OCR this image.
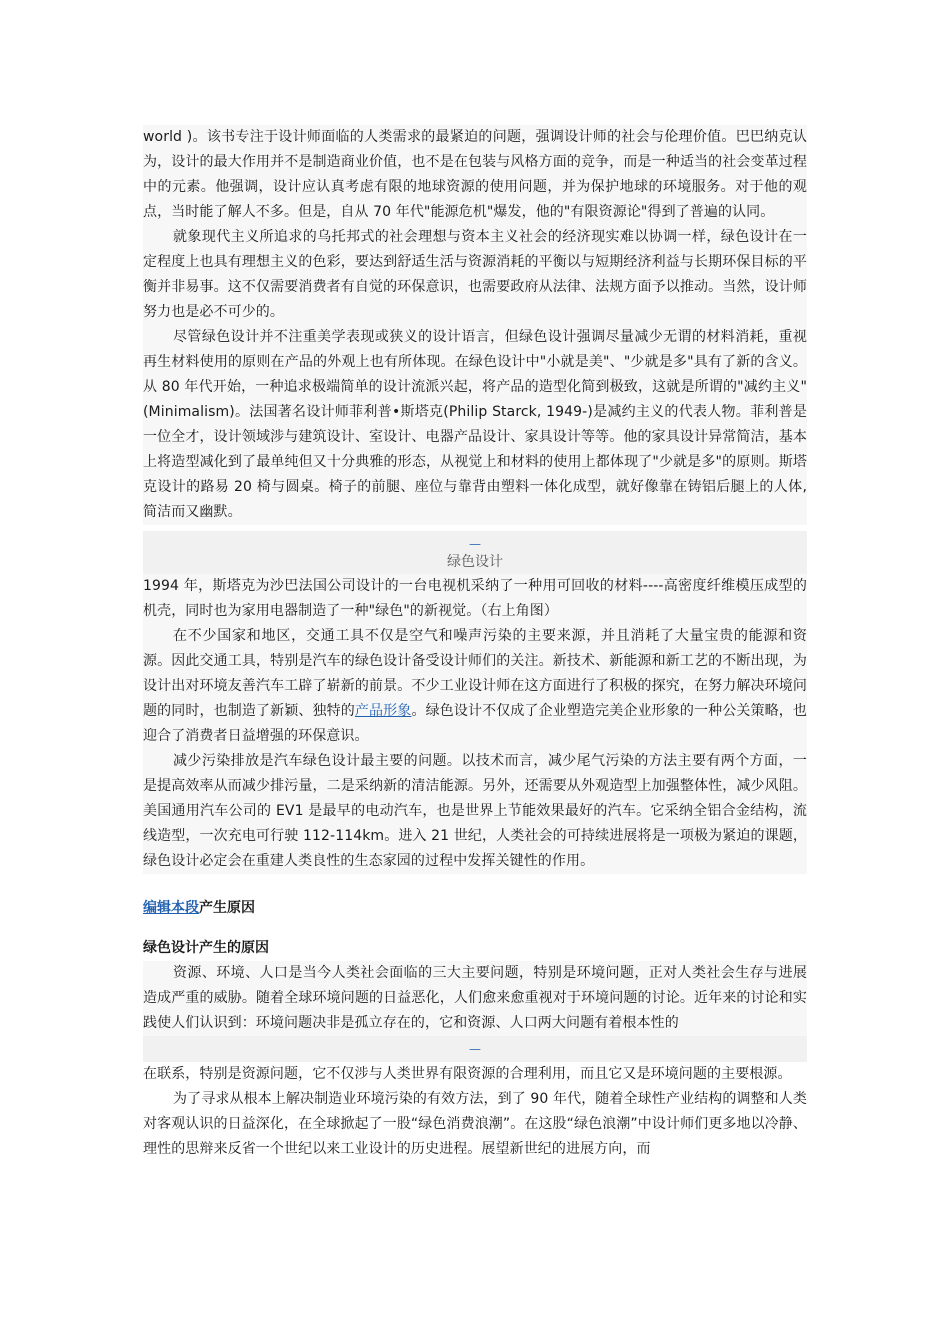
world )。该书专注于设计师面临的人类需求的最紧迫的问题，强调设计师的社会与伦理价值。巴巴纳克认为，设计的最大作用并不是制造商业价值，也不是在包装与风格方面的竞争，而是一种适当的社会变革过程中的元素。他强调，设计应认真考虑有限的地球资源的使用问题，并为保护地球的环境服务。对于他的观点，当时能了解人不多。但是，自从 70 年代"能源危机"爆发，他的"有限资源论"得到了普遍的认同。

就象现代主义所追求的乌托邦式的社会理想与资本主义社会的经济现实难以协调一样，绿色设计在一定程度上也具有理想主义的色彩，要达到舒适生活与资源消耗的平衡以与短期经济利益与长期环保目标的平衡并非易事。这不仅需要消费者有自觉的环保意识，也需要政府从法律、法规方面予以推动。当然，设计师努力也是必不可少的。

尽管绿色设计并不注重美学表现或狭义的设计语言，但绿色设计强调尽量减少无谓的材料消耗，重视再生材料使用的原则在产品的外观上也有所体现。在绿色设计中"小就是美"、"少就是多"具有了新的含义。从 80 年代开始，一种追求极端简单的设计流派兴起，将产品的造型化简到极致，这就是所谓的"减约主义"(Minimalism)。法国著名设计师菲利普•斯塔克(Philip Starck, 1949-)是减约主义的代表人物。菲利普是一位全才，设计领域涉与建筑设计、室设计、电器产品设计、家具设计等等。他的家具设计异常简洁，基本上将造型减化到了最单纯但又十分典雅的形态，从视觉上和材料的使用上都体现了"少就是多"的原则。斯塔克设计的路易 20 椅与圆桌。椅子的前腿、座位与靠背由塑料一体化成型，就好像靠在铸铝后腿上的人体,简洁而又幽默。

—
绿色设计

1994 年，斯塔克为沙巴法国公司设计的一台电视机采纳了一种用可回收的材料----高密度纤维模压成型的机壳，同时也为家用电器制造了一种"绿色"的新视觉。（右上角图）

在不少国家和地区，交通工具不仅是空气和噪声污染的主要来源，并且消耗了大量宝贵的能源和资源。因此交通工具，特别是汽车的绿色设计备受设计师们的关注。新技术、新能源和新工艺的不断出现，为设计出对环境友善汽车工辟了崭新的前景。不少工业设计师在这方面进行了积极的探究，在努力解决环境问题的同时，也制造了新颖、独特的产品形象。绿色设计不仅成了企业塑造完美企业形象的一种公关策略，也迎合了消费者日益增强的环保意识。

减少污染排放是汽车绿色设计最主要的问题。以技术而言，减少尾气污染的方法主要有两个方面，一是提高效率从而减少排污量，二是采纳新的清洁能源。另外，还需要从外观造型上加强整体性，减少风阻。美国通用汽车公司的 EV1 是最早的电动汽车，也是世界上节能效果最好的汽车。它采纳全铝合金结构，流线造型，一次充电可行驶 112-114km。进入 21 世纪，人类社会的可持续进展将是一项极为紧迫的课题，绿色设计必定会在重建人类良性的生态家园的过程中发挥关键性的作用。

编辑本段产生原因

绿色设计产生的原因

资源、环境、人口是当今人类社会面临的三大主要问题，特别是环境问题，正对人类社会生存与进展造成严重的威胁。随着全球环境问题的日益恶化，人们愈来愈重视对于环境问题的讨论。近年来的讨论和实践使人们认识到：环境问题决非是孤立存在的，它和资源、人口两大问题有着根本性的

—

在联系，特别是资源问题，它不仅涉与人类世界有限资源的合理利用，而且它又是环境问题的主要根源。

为了寻求从根本上解决制造业环境污染的有效方法，到了 90 年代，随着全球性产业结构的调整和人类对客观认识的日益深化，在全球掀起了一股“绿色消费浪潮”。在这股“绿色浪潮”中设计师们更多地以冷静、理性的思辩来反省一个世纪以来工业设计的历史进程。展望新世纪的进展方向，而
